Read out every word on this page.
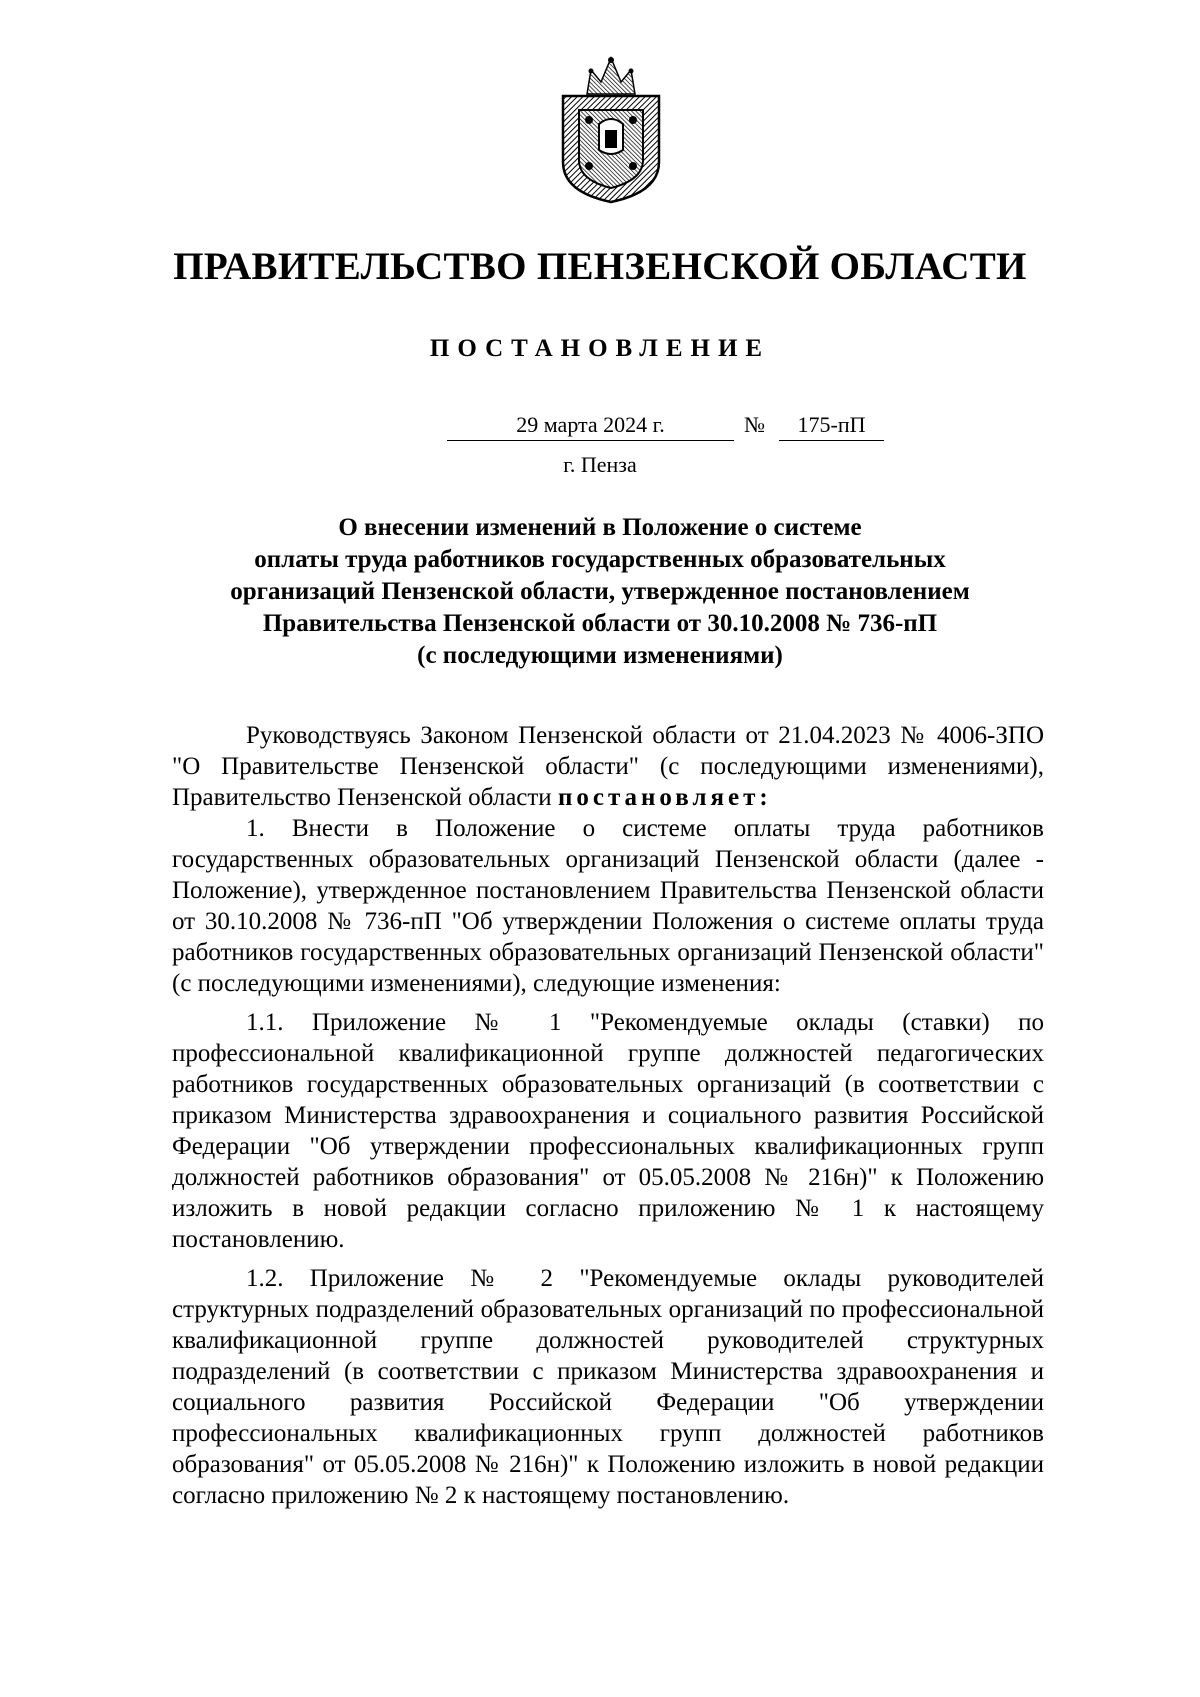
ПРАВИТЕЛЬСТВО ПЕНЗЕНСКОЙ ОБЛАСТИ
ПОСТАНОВЛЕНИЕ
29 марта 2024 г.	№	175-пП
г. Пенза
О внесении изменений в Положение о системе
оплаты труда работников государственных образовательных
организаций Пензенской области, утвержденное постановлением
Правительства Пензенской области от 30.10.2008 № 736-пП
(с последующими изменениями)

Руководствуясь Законом Пензенской области от 21.04.2023 № 4006-ЗПО "О Правительстве Пензенской области" (с последующими изменениями), Правительство Пензенской области постановляет:

1. Внести в Положение о системе оплаты труда работников государственных образовательных организаций Пензенской области (далее - Положение), утвержденное постановлением Правительства Пензенской области от 30.10.2008 № 736-пП "Об утверждении Положения о системе оплаты труда работников государственных образовательных организаций Пензенской области" (с последующими изменениями), следующие изменения:

1.1. Приложение № 1 "Рекомендуемые оклады (ставки) по профессиональной квалификационной группе должностей педагогических работников государственных образовательных организаций (в соответствии с приказом Министерства здравоохранения и социального развития Российской Федерации "Об утверждении профессиональных квалификационных групп должностей работников образования" от 05.05.2008 № 216н)" к Положению изложить в новой редакции согласно приложению № 1 к настоящему постановлению.

1.2. Приложение № 2 "Рекомендуемые оклады руководителей структурных подразделений образовательных организаций по профессиональной квалификационной группе должностей руководителей структурных подразделений (в соответствии с приказом Министерства здравоохранения и социального развития Российской Федерации "Об утверждении профессиональных квалификационных групп должностей работников образования" от 05.05.2008 № 216н)" к Положению изложить в новой редакции согласно приложению № 2 к настоящему постановлению.
